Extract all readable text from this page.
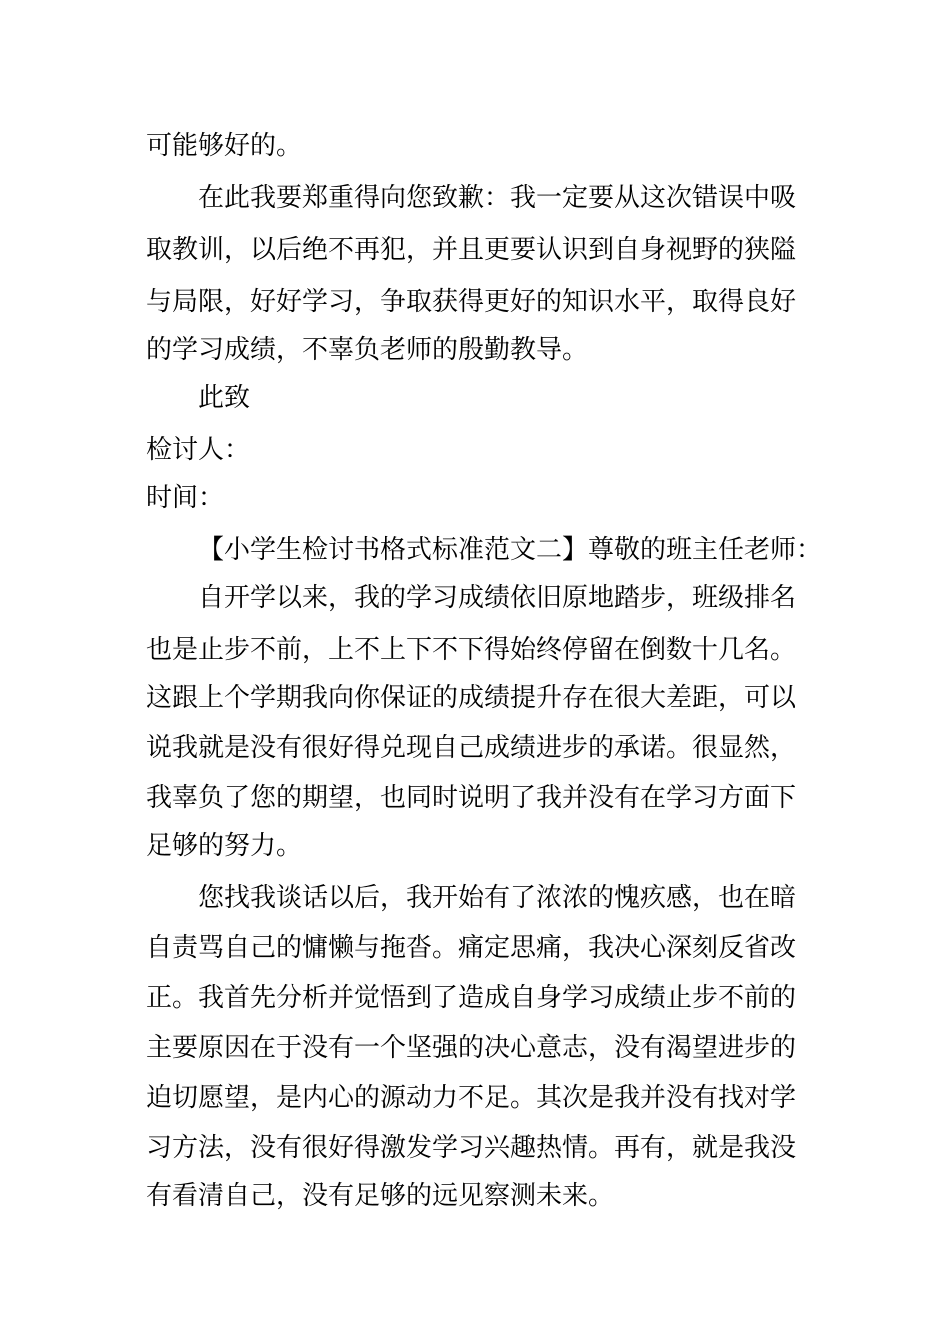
可能够好的。
在此我要郑重得向您致歉：我一定要从这次错误中吸
取教训，以后绝不再犯，并且更要认识到自身视野的狭隘
与局限，好好学习，争取获得更好的知识水平，取得良好
的学习成绩，不辜负老师的殷勤教导。
此致
检讨人：
时间：
【小学生检讨书格式标准范文二】尊敬的班主任老师：
自开学以来，我的学习成绩依旧原地踏步，班级排名
也是止步不前，上不上下不下得始终停留在倒数十几名。
这跟上个学期我向你保证的成绩提升存在很大差距，可以
说我就是没有很好得兑现自己成绩进步的承诺。很显然，
我辜负了您的期望，也同时说明了我并没有在学习方面下
足够的努力。
您找我谈话以后，我开始有了浓浓的愧疚感，也在暗
自责骂自己的慵懒与拖沓。痛定思痛，我决心深刻反省改
正。我首先分析并觉悟到了造成自身学习成绩止步不前的
主要原因在于没有一个坚强的决心意志，没有渴望进步的
迫切愿望，是内心的源动力不足。其次是我并没有找对学
习方法，没有很好得激发学习兴趣热情。再有，就是我没
有看清自己，没有足够的远见察测未来。
